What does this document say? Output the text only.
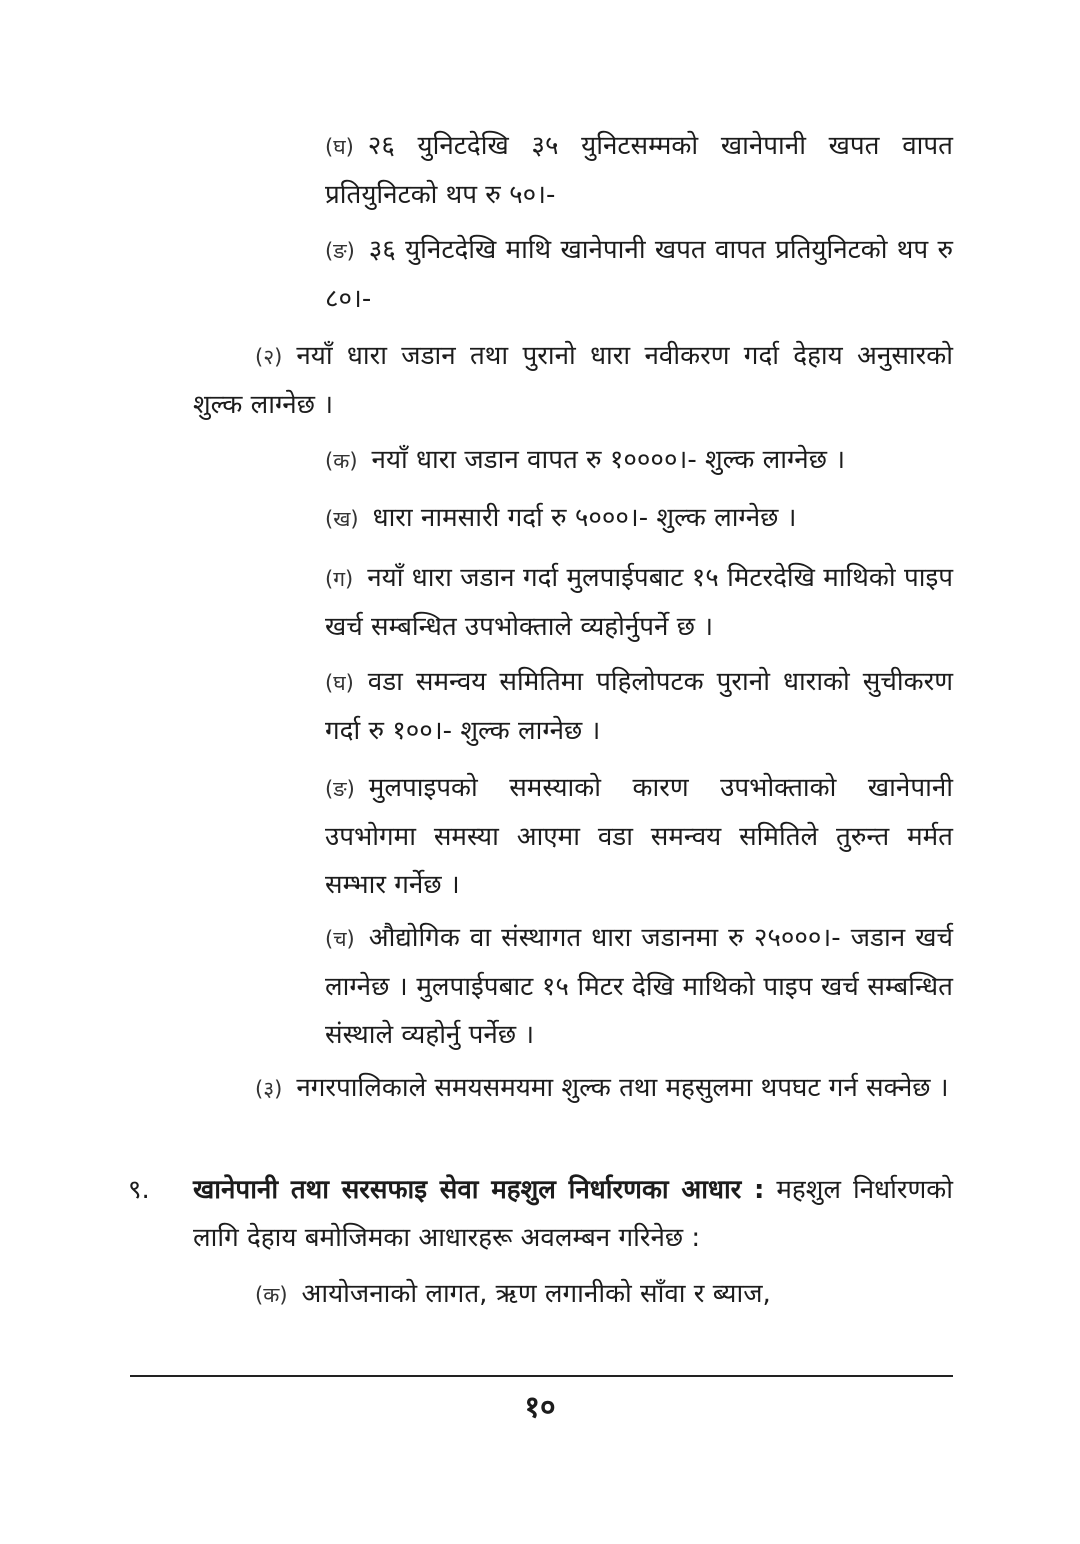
(घ) २६ युनिटदेखि ३५ युनिटसम्मको खानेपानी खपत वापत प्रतियुनिटको थप रु ५०।-

(ङ) ३६ युनिटदेखि माथि खानेपानी खपत वापत प्रतियुनिटको थप रु ८०।-

(२) नयाँ धारा जडान तथा पुरानो धारा नवीकरण गर्दा देहाय अनुसारको शुल्क लाग्नेछ ।

(क) नयाँ धारा जडान वापत रु १००००।- शुल्क लाग्नेछ ।

(ख) धारा नामसारी गर्दा रु ५०००।- शुल्क लाग्नेछ ।

(ग) नयाँ धारा जडान गर्दा मुलपाईपबाट १५ मिटरदेखि माथिको पाइप खर्च सम्बन्धित उपभोक्ताले व्यहोर्नुपर्ने छ ।

(घ) वडा समन्वय समितिमा पहिलोपटक पुरानो धाराको सुचीकरण गर्दा रु १००।- शुल्क लाग्नेछ ।

(ङ) मुलपाइपको समस्याको कारण उपभोक्ताको खानेपानी उपभोगमा समस्या आएमा वडा समन्वय समितिले तुरुन्त मर्मत सम्भार गर्नेछ ।

(च) औद्योगिक वा संस्थागत धारा जडानमा रु २५०००।- जडान खर्च लाग्नेछ । मुलपाईपबाट १५ मिटर देखि माथिको पाइप खर्च सम्बन्धित संस्थाले व्यहोर्नु पर्नेछ ।

(३) नगरपालिकाले समयसमयमा शुल्क तथा महसुलमा थपघट गर्न सक्नेछ ।

९. खानेपानी तथा सरसफाइ सेवा महशुल निर्धारणका आधार : महशुल निर्धारणको लागि देहाय बमोजिमका आधारहरू अवलम्बन गरिनेछ :

(क) आयोजनाको लागत, ऋण लगानीको साँवा र ब्याज,

१०
